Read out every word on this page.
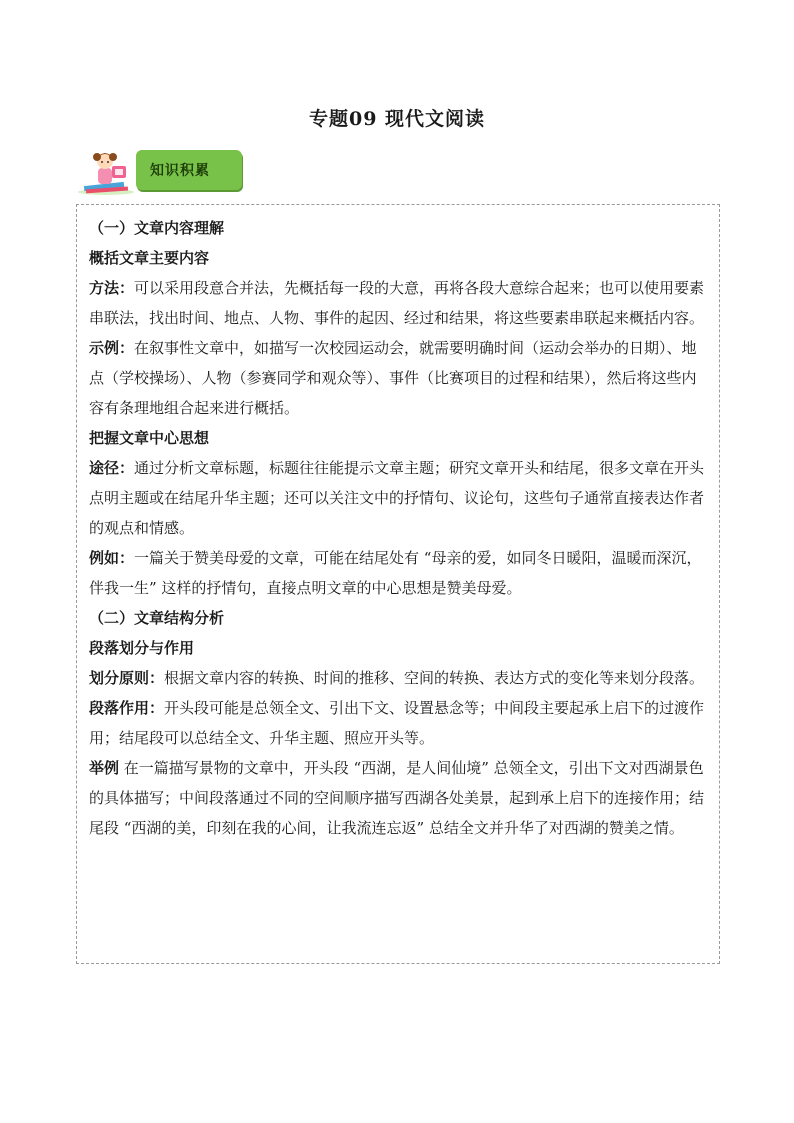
专题09 现代文阅读
知识积累

（一）文章内容理解

概括文章主要内容

方法：可以采用段意合并法，先概括每一段的大意，再将各段大意综合起来；也可以使用要素串联法，找出时间、地点、人物、事件的起因、经过和结果，将这些要素串联起来概括内容。

示例：在叙事性文章中，如描写一次校园运动会，就需要明确时间（运动会举办的日期）、地点（学校操场）、人物（参赛同学和观众等）、事件（比赛项目的过程和结果），然后将这些内容有条理地组合起来进行概括。

把握文章中心思想

途径：通过分析文章标题，标题往往能提示文章主题；研究文章开头和结尾，很多文章在开头点明主题或在结尾升华主题；还可以关注文中的抒情句、议论句，这些句子通常直接表达作者的观点和情感。

例如：一篇关于赞美母爱的文章，可能在结尾处有 “母亲的爱，如同冬日暖阳，温暖而深沉，伴我一生” 这样的抒情句，直接点明文章的中心思想是赞美母爱。

（二）文章结构分析

段落划分与作用

划分原则：根据文章内容的转换、时间的推移、空间的转换、表达方式的变化等来划分段落。

段落作用：开头段可能是总领全文、引出下文、设置悬念等；中间段主要起承上启下的过渡作用；结尾段可以总结全文、升华主题、照应开头等。

举例 在一篇描写景物的文章中，开头段 “西湖，是人间仙境” 总领全文，引出下文对西湖景色的具体描写；中间段落通过不同的空间顺序描写西湖各处美景，起到承上启下的连接作用；结尾段 “西湖的美，印刻在我的心间，让我流连忘返” 总结全文并升华了对西湖的赞美之情。
